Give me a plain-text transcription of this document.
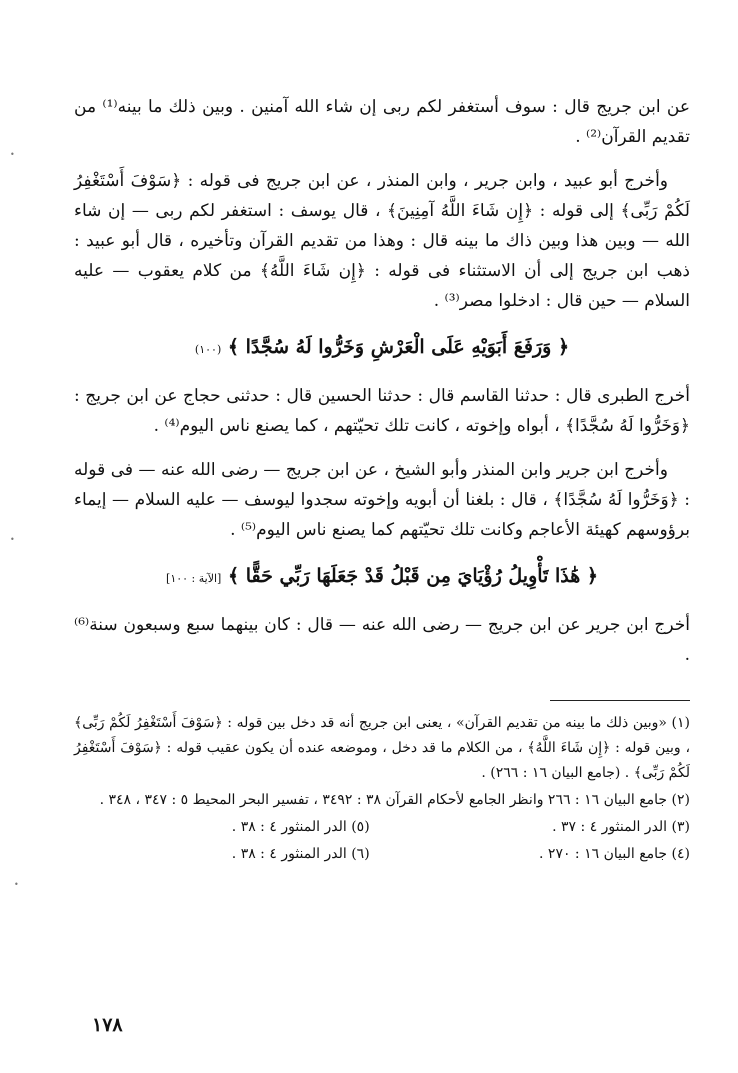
عن ابن جريج قال : سوف أستغفر لكم ربى إن شاء الله آمنين . وبين ذلك ما بينه⁽¹⁾ من تقديم القرآن⁽²⁾ .

وأخرج أبو عبيد ، وابن جرير ، وابن المنذر ، عن ابن جريج فى قوله : ﴿سَوْفَ أَسْتَغْفِرُ لَكُمْ رَبِّى﴾ إلى قوله : ﴿إِن شَاءَ اللَّهُ آمِنِينَ﴾ ، قال يوسف : استغفر لكم ربى — إن شاء الله — وبين هذا وبين ذاك ما بينه قال : وهذا من تقديم القرآن وتأخيره ، قال أبو عبيد : ذهب ابن جريج إلى أن الاستثناء فى قوله : ﴿إِن شَاءَ اللَّهُ﴾ من كلام يعقوب — عليه السلام — حين قال : ادخلوا مصر⁽³⁾ .

﴿ وَرَفَعَ أَبَوَيْهِ عَلَى الْعَرْشِ وَخَرُّوا لَهُ سُجَّدًا ﴾ (١٠٠)

أخرج الطبرى قال : حدثنا القاسم قال : حدثنا الحسين قال : حدثنى حجاج عن ابن جريج : ﴿وَخَرُّوا لَهُ سُجَّدًا﴾ ، أبواه وإخوته ، كانت تلك تحيّتهم ، كما يصنع ناس اليوم⁽⁴⁾ .

وأخرج ابن جرير وابن المنذر وأبو الشيخ ، عن ابن جريج — رضى الله عنه — فى قوله : ﴿وَخَرُّوا لَهُ سُجَّدًا﴾ ، قال : بلغنا أن أبويه وإخوته سجدوا ليوسف — عليه السلام — إيماء برؤوسهم كهيئة الأعاجم وكانت تلك تحيّتهم كما يصنع ناس اليوم⁽⁵⁾ .

﴿ هَٰذَا تَأْوِيلُ رُؤْيَايَ مِن قَبْلُ قَدْ جَعَلَهَا رَبِّي حَقًّا ﴾ [الآية : ١٠٠]

أخرج ابن جرير عن ابن جريج — رضى الله عنه — قال : كان بينهما سبع وسبعون سنة⁽⁶⁾ .

(١) «وبين ذلك ما بينه من تقديم القرآن» ، يعنى ابن جريج أنه قد دخل بين قوله : ﴿سَوْفَ أَسْتَغْفِرُ لَكُمْ رَبِّى﴾ ، وبين قوله : ﴿إِن شَاءَ اللَّهُ﴾ ، من الكلام ما قد دخل ، وموضعه عنده أن يكون عقيب قوله : ﴿سَوْفَ أَسْتَغْفِرُ لَكُمْ رَبِّى﴾ . (جامع البيان ١٦ : ٢٦٦) .

(٢) جامع البيان ١٦ : ٢٦٦ وانظر الجامع لأحكام القرآن ٣٨ : ٣٤٩٢ ، تفسير البحر المحيط ٥ : ٣٤٧ ، ٣٤٨ .

(٣) الدر المنثور ٤ : ٣٧ .

(٥) الدر المنثور ٤ : ٣٨ .

(٤) جامع البيان ١٦ : ٢٧٠ .

(٦) الدر المنثور ٤ : ٣٨ .

١٧٨
•
•
•
